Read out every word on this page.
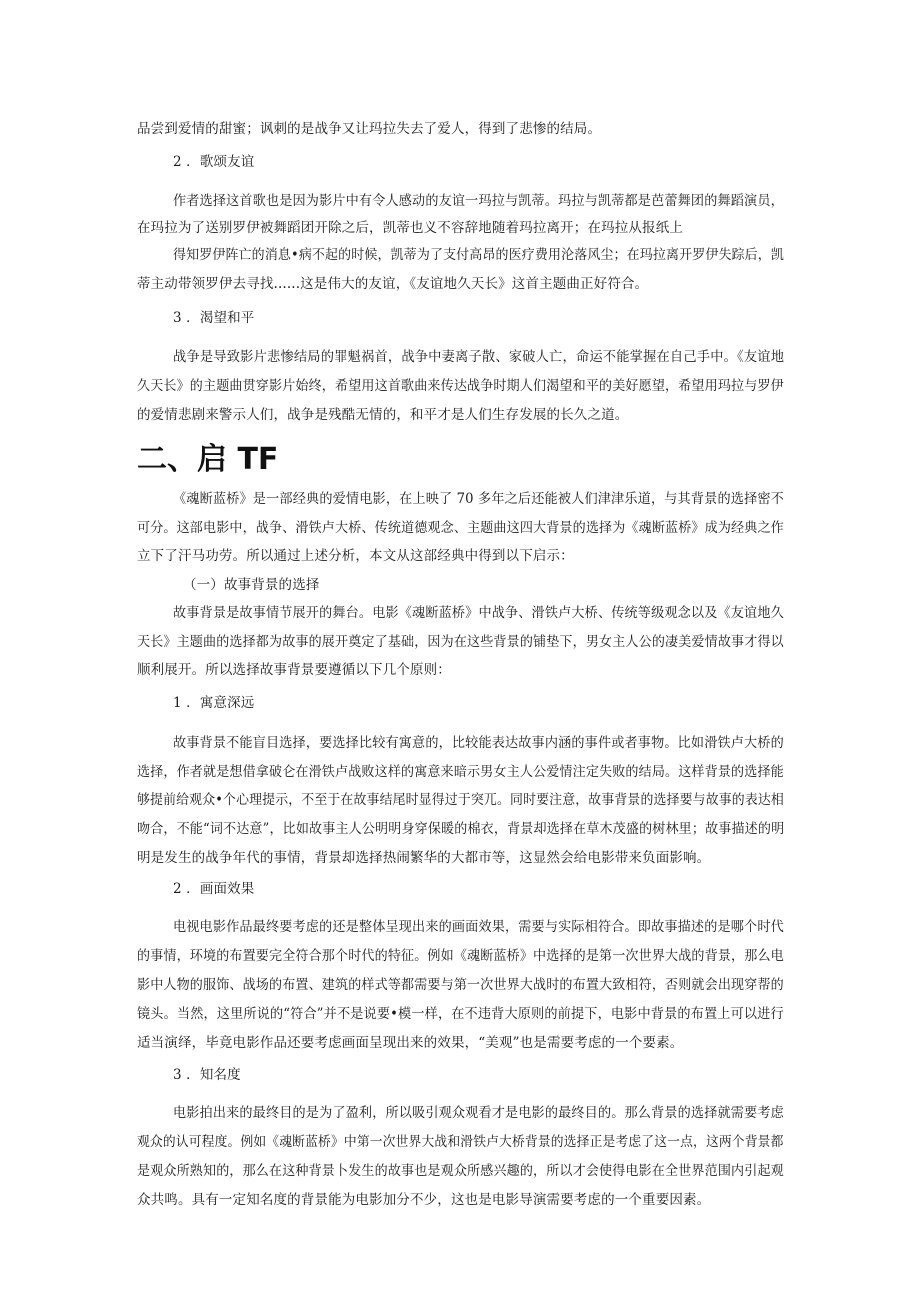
品尝到爱情的甜蜜；讽刺的是战争又让玛拉失去了爱人，得到了悲惨的结局。

2 ．歌颂友谊

作者选择这首歌也是因为影片中有令人感动的友谊一玛拉与凯蒂。玛拉与凯蒂都是芭蕾舞团的舞蹈演员，

在玛拉为了送别罗伊被舞蹈团开除之后，凯蒂也义不容辞地随着玛拉离开；在玛拉从报纸上

得知罗伊阵亡的消息•病不起的时候，凯蒂为了支付高昂的医疗费用沦落风尘；在玛拉离开罗伊失踪后，凯

蒂主动带领罗伊去寻找......这是伟大的友谊，《友谊地久天长》这首主题曲正好符合。

3 ．渴望和平

战争是导致影片悲惨结局的罪魁祸首，战争中妻离子散、家破人亡，命运不能掌握在自己手中。《友谊地

久天长》的主题曲贯穿影片始终，希望用这首歌曲来传达战争时期人们渴望和平的美好愿望，希望用玛拉与罗伊

的爱情悲剧来警示人们，战争是残酷无情的，和平才是人们生存发展的长久之道。

二、启 TF

《魂断蓝桥》是一部经典的爱情电影，在上映了 70 多年之后还能被人们津津乐道，与其背景的选择密不

可分。这部电影中，战争、滑铁卢大桥、传统道德观念、主题曲这四大背景的选择为《魂断蓝桥》成为经典之作

立下了汗马功劳。所以通过上述分析，本文从这部经典中得到以下启示：

（一）故事背景的选择

故事背景是故事情节展开的舞台。电影《魂断蓝桥》中战争、滑铁卢大桥、传统等级观念以及《友谊地久

天长》主题曲的选择都为故事的展开奠定了基础，因为在这些背景的铺垫下，男女主人公的凄美爱情故事才得以

顺利展开。所以选择故事背景要遵循以下几个原则：

1 ．寓意深远

故事背景不能盲目选择，要选择比较有寓意的，比较能表达故事内涵的事件或者事物。比如滑铁卢大桥的

选择，作者就是想借拿破仑在滑铁卢战败这样的寓意来暗示男女主人公爱情注定失败的结局。这样背景的选择能

够提前给观众•个心理提示，不至于在故事结尾时显得过于突兀。同时要注意，故事背景的选择要与故事的表达相

吻合，不能“词不达意”，比如故事主人公明明身穿保暖的棉衣，背景却选择在草木茂盛的树林里；故事描述的明

明是发生的战争年代的事情，背景却选择热闹繁华的大都市等，这显然会给电影带来负面影响。

2 ．画面效果

电视电影作品最终要考虑的还是整体呈现出来的画面效果，需要与实际相符合。即故事描述的是哪个时代

的事情，环境的布置要完全符合那个时代的特征。例如《魂断蓝桥》中选择的是第一次世界大战的背景，那么电

影中人物的服饰、战场的布置、建筑的样式等都需要与第一次世界大战时的布置大致相符，否则就会出现穿帮的

镜头。当然，这里所说的“符合”并不是说要•模一样，在不违背大原则的前提下，电影中背景的布置上可以进行

适当演绎，毕竟电影作品还要考虑画面呈现出来的效果，“美观”也是需要考虑的一个要素。

3 ．知名度

电影拍出来的最终目的是为了盈利，所以吸引观众观看才是电影的最终目的。那么背景的选择就需要考虑

观众的认可程度。例如《魂断蓝桥》中第一次世界大战和滑铁卢大桥背景的选择正是考虑了这一点，这两个背景都

是观众所熟知的，那么在这种背景卜发生的故事也是观众所感兴趣的，所以才会使得电影在全世界范围内引起观

众共鸣。具有一定知名度的背景能为电影加分不少，这也是电影导演需要考虑的一个重要因素。
